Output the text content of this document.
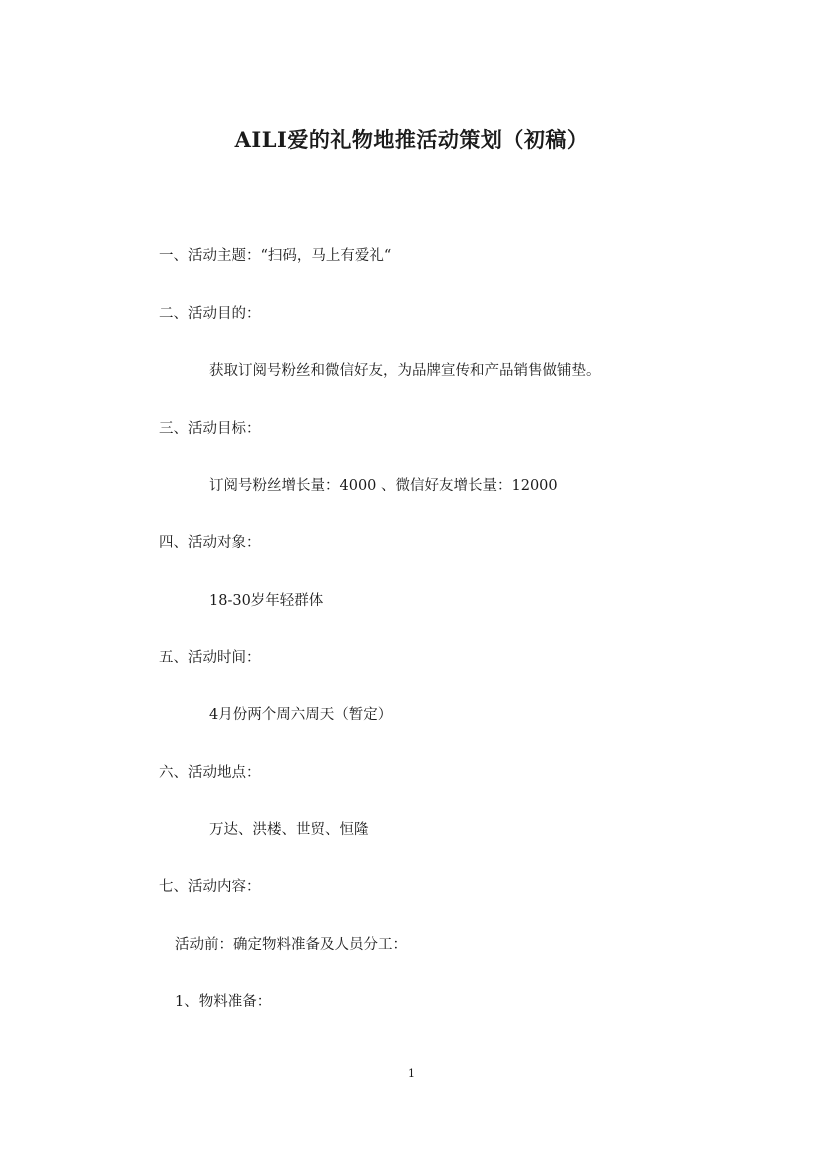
AILI爱的礼物地推活动策划（初稿）

一、活动主题：“扫码，马上有爱礼“

二、活动目的：

获取订阅号粉丝和微信好友，为品牌宣传和产品销售做铺垫。

三、活动目标：

订阅号粉丝增长量：4000 、微信好友增长量：12000

四、活动对象：

18-30岁年轻群体

五、活动时间：

4月份两个周六周天（暂定）

六、活动地点：

万达、洪楼、世贸、恒隆

七、活动内容：

活动前：确定物料准备及人员分工：

1、物料准备：

1
